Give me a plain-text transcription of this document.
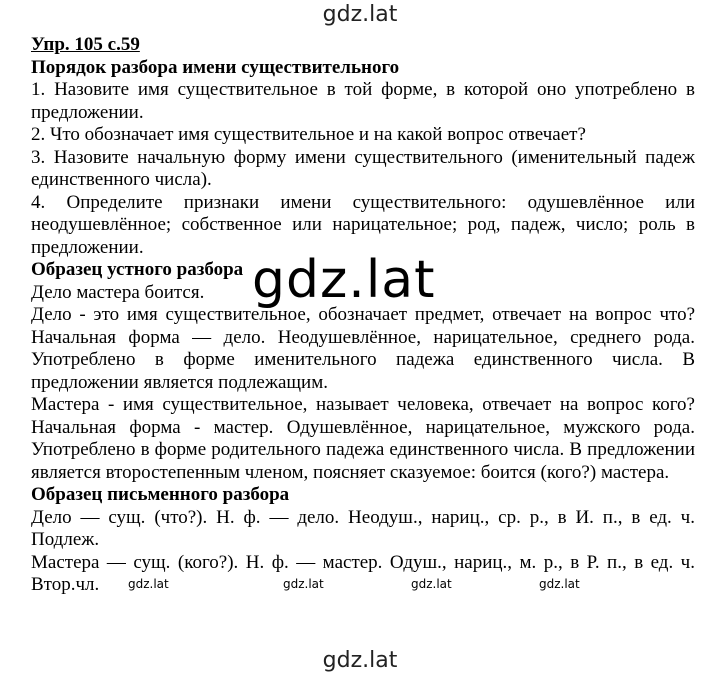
gdz.lat

Упр. 105 с.59

Порядок разбора имени существительного

1. Назовите имя существительное в той форме, в которой оно употреблено в предложении.

2. Что обозначает имя существительное и на какой вопрос отвечает?

3. Назовите начальную форму имени существительного (именительный падеж единственного числа).

4. Определите признаки имени существительного: одушевлённое или неодушевлённое; собственное или нарицательное; род, падеж, число; роль в предложении.

Образец устного разбора

Дело мастера боится.

Дело - это имя существительное, обозначает предмет, отвечает на вопрос что? Начальная форма — дело. Неодушевлённое, нарицательное, среднего рода. Употреблено в форме именительного падежа единственного числа. В предложении является подлежащим.

Мастера - имя существительное, называет человека, отвечает на вопрос кого? Начальная форма - мастер. Одушевлённое, нарицательное, мужского рода. Употреблено в форме родительного падежа единственного числа. В предложении является второстепенным членом, поясняет сказуемое: боится (кого?) мастера.

Образец письменного разбора

Дело — сущ. (что?). Н. ф. — дело. Неодуш., нариц., ср. р., в И. п., в ед. ч. Подлеж.

Мастера — сущ. (кого?). Н. ф. — мастер. Одуш., нариц., м. р., в Р. п., в ед. ч. Втор.чл.

gdz.lat
gdz.lat	gdz.lat	gdz.lat	gdz.lat
gdz.lat
